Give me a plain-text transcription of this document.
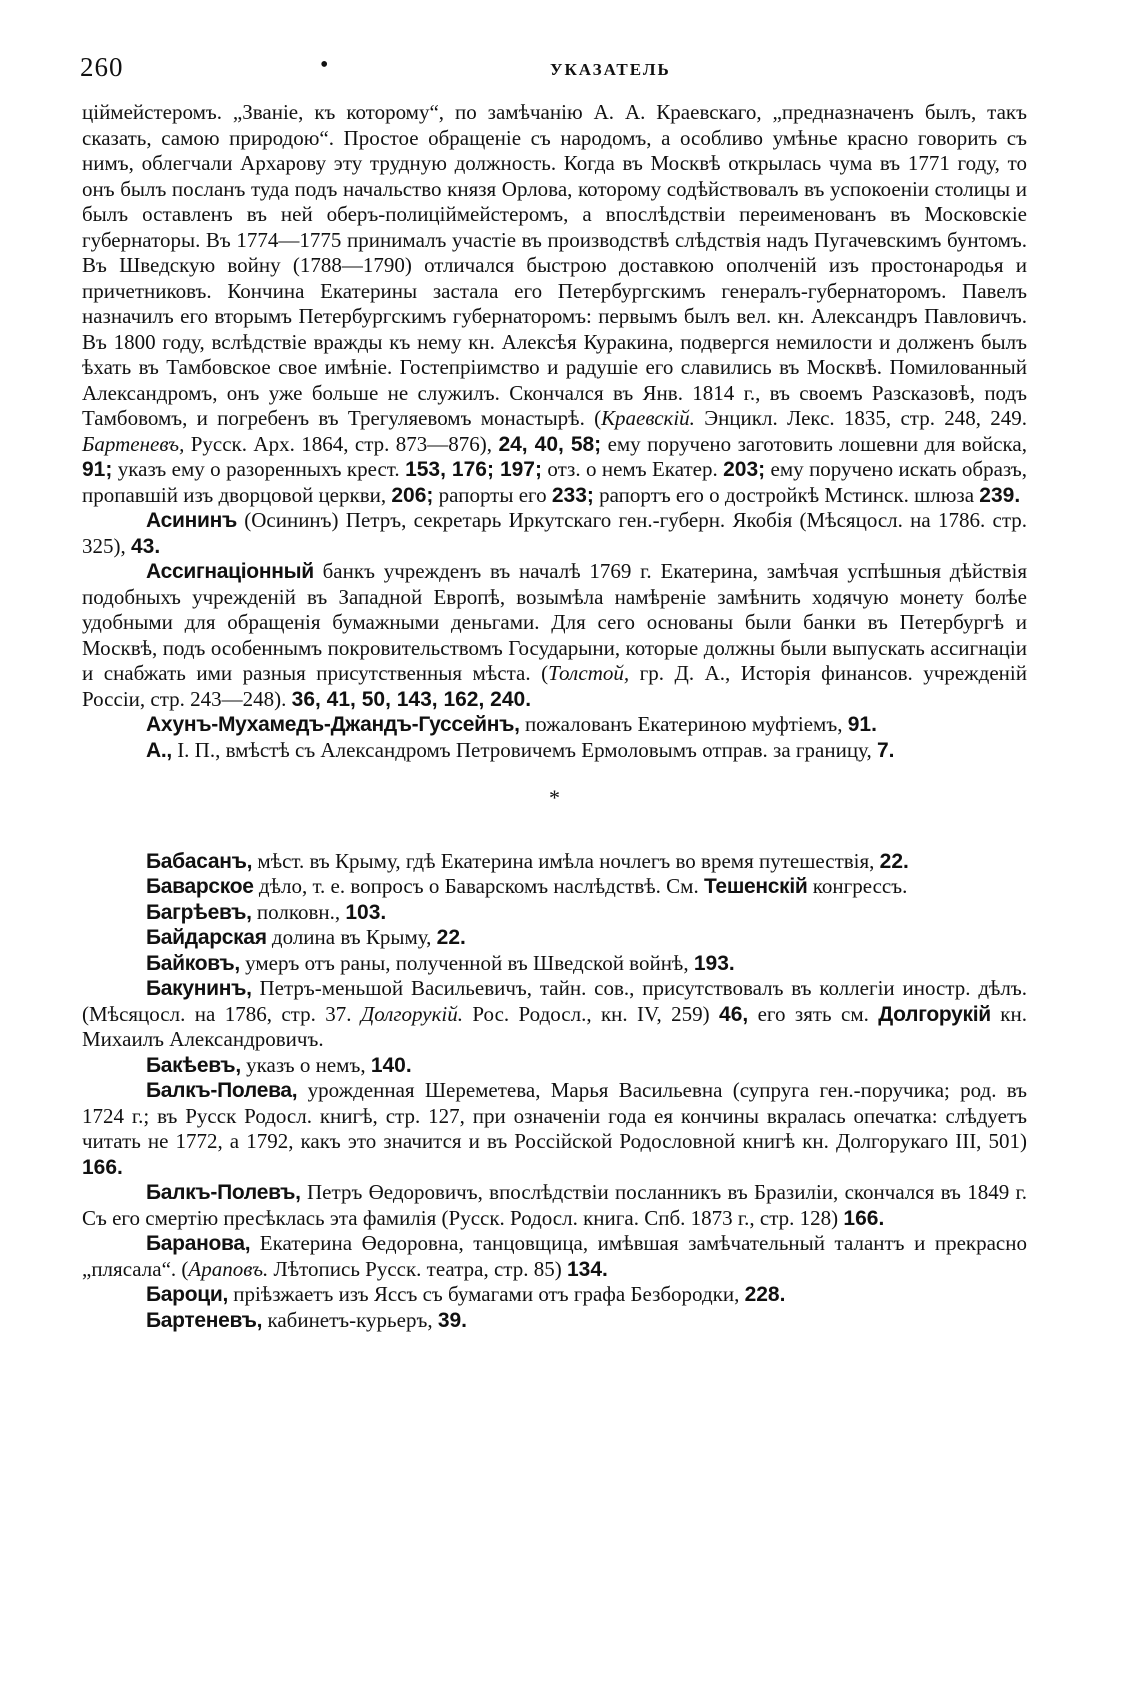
260	•	УКАЗАТЕЛЬ

ціймейстеромъ. „Званіе, къ которому“, по замѣчанію А. А. Краевскаго, „предназначенъ былъ, такъ сказать, самою природою“. Простое обращеніе съ народомъ, а особливо умѣнье красно говорить съ нимъ, облегчали Архарову эту трудную должность. Когда въ Москвѣ открылась чума въ 1771 году, то онъ былъ посланъ туда подъ начальство князя Орлова, которому содѣйствовалъ въ успокоеніи столицы и былъ оставленъ въ ней оберъ-полиціймейстеромъ, а впослѣдствіи переименованъ въ Московскіе губернаторы. Въ 1774—1775 принималъ участіе въ производствѣ слѣдствія надъ Пугачевскимъ бунтомъ. Въ Шведскую войну (1788—1790) отличался быстрою доставкою ополченій изъ простонародья и причетниковъ. Кончина Екатерины застала его Петербургскимъ генералъ-губернаторомъ. Павелъ назначилъ его вторымъ Петербургскимъ губернаторомъ: первымъ былъ вел. кн. Александръ Павловичъ. Въ 1800 году, вслѣдствіе вражды къ нему кн. Алексѣя Куракина, подвергся немилости и долженъ былъ ѣхать въ Тамбовское свое имѣніе. Гостепріимство и радушіе его славились въ Москвѣ. Помилованный Александромъ, онъ уже больше не служилъ. Скончался въ Янв. 1814 г., въ своемъ Разсказовѣ, подъ Тамбовомъ, и погребенъ въ Трегуляевомъ монастырѣ. (Краевскій. Энцикл. Лекс. 1835, стр. 248, 249. Бартеневъ, Русск. Арх. 1864, стр. 873—876), 24, 40, 58; ему поручено заготовить лошевни для войска, 91; указъ ему о разоренныхъ крест. 153, 176; 197; отз. о немъ Екатер. 203; ему поручено искать образъ, пропавшій изъ дворцовой церкви, 206; рапорты его 233; рапортъ его о достройкѣ Мстинск. шлюза 239.

Асининъ (Осининъ) Петръ, секретарь Иркутскаго ген.-губерн. Якобія (Мѣсяцосл. на 1786. стр. 325), 43.

Ассигнаціонный банкъ учрежденъ въ началѣ 1769 г. Екатерина, замѣчая успѣшныя дѣйствія подобныхъ учрежденій въ Западной Европѣ, возымѣла намѣреніе замѣнить ходячую монету болѣе удобными для обращенія бумажными деньгами. Для сего основаны были банки въ Петербургѣ и Москвѣ, подъ особеннымъ покровительствомъ Государыни, которые должны были выпускать ассигнаціи и снабжать ими разныя присутственныя мѣста. (Толстой, гр. Д. А., Исторія финансов. учрежденій Россіи, стр. 243—248). 36, 41, 50, 143, 162, 240.

Ахунъ-Мухамедъ-Джандъ-Гуссейнъ, пожалованъ Екатериною муфтіемъ, 91.

А., I. П., вмѣстѣ съ Александромъ Петровичемъ Ермоловымъ отправ. за границу, 7.

*

Бабасанъ, мѣст. въ Крыму, гдѣ Екатерина имѣла ночлегъ во время путешествія, 22.

Баварское дѣло, т. е. вопросъ о Баварскомъ наслѣдствѣ. См. Тешенскій конгрессъ.

Багрѣевъ, полковн., 103.

Байдарская долина въ Крыму, 22.

Байковъ, умеръ отъ раны, полученной въ Шведской войнѣ, 193.

Бакунинъ, Петръ-меньшой Васильевичъ, тайн. сов., присутствовалъ въ коллегіи иностр. дѣлъ. (Мѣсяцосл. на 1786, стр. 37. Долгорукій. Рос. Родосл., кн. IV, 259) 46, его зять см. Долгорукій кн. Михаилъ Александровичъ.

Бакѣевъ, указъ о немъ, 140.

Балкъ-Полева, урожденная Шереметева, Марья Васильевна (супруга ген.-поручика; род. въ 1724 г.; въ Русск Родосл. книгѣ, стр. 127, при означеніи года ея кончины вкралась опечатка: слѣдуетъ читать не 1772, а 1792, какъ это значится и въ Россійской Родословной книгѣ кн. Долгорукаго III, 501) 166.

Балкъ-Полевъ, Петръ Өедоровичъ, впослѣдствіи посланникъ въ Бразиліи, скончался въ 1849 г. Съ его смертію пресѣклась эта фамилія (Русск. Родосл. книга. Спб. 1873 г., стр. 128) 166.

Баранова, Екатерина Өедоровна, танцовщица, имѣвшая замѣчательный талантъ и прекрасно „плясала“. (Араповъ. Лѣтопись Русск. театра, стр. 85) 134.

Бароци, пріѣзжаетъ изъ Яссъ съ бумагами отъ графа Безбородки, 228.

Бартеневъ, кабинетъ-курьеръ, 39.
